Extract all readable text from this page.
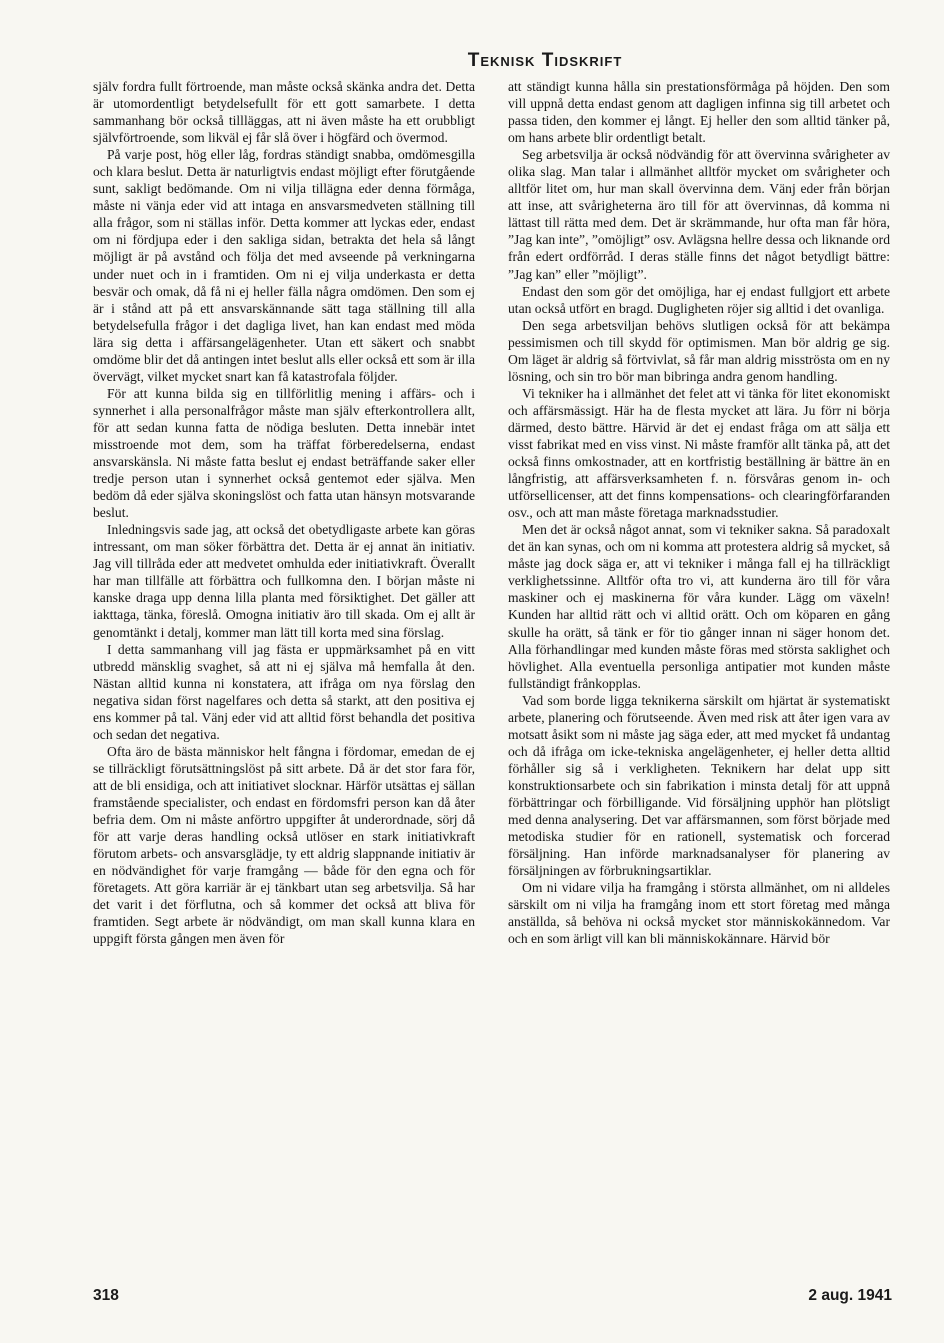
Teknisk Tidskrift

själv fordra fullt förtroende, man måste också skänka andra det. Detta är utomordentligt betydelsefullt för ett gott samarbete. I detta sammanhang bör också tillläggas, att ni även måste ha ett orubbligt självförtroende, som likväl ej får slå över i högfärd och övermod.

På varje post, hög eller låg, fordras ständigt snabba, omdömesgilla och klara beslut. Detta är naturligtvis endast möjligt efter förutgående sunt, sakligt bedömande. Om ni vilja tillägna eder denna förmåga, måste ni vänja eder vid att intaga en ansvarsmedveten ställning till alla frågor, som ni ställas inför. Detta kommer att lyckas eder, endast om ni fördjupa eder i den sakliga sidan, betrakta det hela så långt möjligt är på avstånd och följa det med avseende på verkningarna under nuet och in i framtiden. Om ni ej vilja underkasta er detta besvär och omak, då få ni ej heller fälla några omdömen. Den som ej är i stånd att på ett ansvarskännande sätt taga ställning till alla betydelsefulla frågor i det dagliga livet, han kan endast med möda lära sig detta i affärsangelägenheter. Utan ett säkert och snabbt omdöme blir det då antingen intet beslut alls eller också ett som är illa övervägt, vilket mycket snart kan få katastrofala följder.

För att kunna bilda sig en tillförlitlig mening i affärs- och i synnerhet i alla personalfrågor måste man själv efterkontrollera allt, för att sedan kunna fatta de nödiga besluten. Detta innebär intet misstroende mot dem, som ha träffat förberedelserna, endast ansvarskänsla. Ni måste fatta beslut ej endast beträffande saker eller tredje person utan i synnerhet också gentemot eder själva. Men bedöm då eder själva skoningslöst och fatta utan hänsyn motsvarande beslut.

Inledningsvis sade jag, att också det obetydligaste arbete kan göras intressant, om man söker förbättra det. Detta är ej annat än initiativ. Jag vill tillråda eder att medvetet omhulda eder initiativkraft. Överallt har man tillfälle att förbättra och fullkomna den. I början måste ni kanske draga upp denna lilla planta med försiktighet. Det gäller att iakttaga, tänka, föreslå. Omogna initiativ äro till skada. Om ej allt är genomtänkt i detalj, kommer man lätt till korta med sina förslag.

I detta sammanhang vill jag fästa er uppmärksamhet på en vitt utbredd mänsklig svaghet, så att ni ej själva må hemfalla åt den. Nästan alltid kunna ni konstatera, att ifråga om nya förslag den negativa sidan först nagelfares och detta så starkt, att den positiva ej ens kommer på tal. Vänj eder vid att alltid först behandla det positiva och sedan det negativa.

Ofta äro de bästa människor helt fångna i fördomar, emedan de ej se tillräckligt förutsättningslöst på sitt arbete. Då är det stor fara för, att de bli ensidiga, och att initiativet slocknar. Härför utsättas ej sällan framstående specialister, och endast en fördomsfri person kan då åter befria dem. Om ni måste anförtro uppgifter åt underordnade, sörj då för att varje deras handling också utlöser en stark initiativkraft förutom arbets- och ansvarsglädje, ty ett aldrig slappnande initiativ är en nödvändighet för varje framgång — både för den egna och för företagets. Att göra karriär är ej tänkbart utan seg arbetsvilja. Så har det varit i det förflutna, och så kommer det också att bliva för framtiden. Segt arbete är nödvändigt, om man skall kunna klara en uppgift första gången men även för

att ständigt kunna hålla sin prestationsförmåga på höjden. Den som vill uppnå detta endast genom att dagligen infinna sig till arbetet och passa tiden, den kommer ej långt. Ej heller den som alltid tänker på, om hans arbete blir ordentligt betalt.

Seg arbetsvilja är också nödvändig för att övervinna svårigheter av olika slag. Man talar i allmänhet alltför mycket om svårigheter och alltför litet om, hur man skall övervinna dem. Vänj eder från början att inse, att svårigheterna äro till för att övervinnas, då komma ni lättast till rätta med dem. Det är skrämmande, hur ofta man får höra, ”Jag kan inte”, ”omöjligt” osv. Avlägsna hellre dessa och liknande ord från edert ordförråd. I deras ställe finns det något betydligt bättre: ”Jag kan” eller ”möjligt”.

Endast den som gör det omöjliga, har ej endast fullgjort ett arbete utan också utfört en bragd. Dugligheten röjer sig alltid i det ovanliga.

Den sega arbetsviljan behövs slutligen också för att bekämpa pessimismen och till skydd för optimismen. Man bör aldrig ge sig. Om läget är aldrig så förtvivlat, så får man aldrig misströsta om en ny lösning, och sin tro bör man bibringa andra genom handling.

Vi tekniker ha i allmänhet det felet att vi tänka för litet ekonomiskt och affärsmässigt. Här ha de flesta mycket att lära. Ju förr ni börja därmed, desto bättre. Härvid är det ej endast fråga om att sälja ett visst fabrikat med en viss vinst. Ni måste framför allt tänka på, att det också finns omkostnader, att en kortfristig beställning är bättre än en långfristig, att affärsverksamheten f. n. försvåras genom in- och utförsellicenser, att det finns kompensations- och clearingförfaranden osv., och att man måste företaga marknadsstudier.

Men det är också något annat, som vi tekniker sakna. Så paradoxalt det än kan synas, och om ni komma att protestera aldrig så mycket, så måste jag dock säga er, att vi tekniker i många fall ej ha tillräckligt verklighetssinne. Alltför ofta tro vi, att kunderna äro till för våra maskiner och ej maskinerna för våra kunder. Lägg om växeln! Kunden har alltid rätt och vi alltid orätt. Och om köparen en gång skulle ha orätt, så tänk er för tio gånger innan ni säger honom det. Alla förhandlingar med kunden måste föras med största saklighet och hövlighet. Alla eventuella personliga antipatier mot kunden måste fullständigt frånkopplas.

Vad som borde ligga teknikerna särskilt om hjärtat är systematiskt arbete, planering och förutseende. Även med risk att åter igen vara av motsatt åsikt som ni måste jag säga eder, att med mycket få undantag och då ifråga om icke-tekniska angelägenheter, ej heller detta alltid förhåller sig så i verkligheten. Teknikern har delat upp sitt konstruktionsarbete och sin fabrikation i minsta detalj för att uppnå förbättringar och förbilligande. Vid försäljning upphör han plötsligt med denna analysering. Det var affärsmannen, som först började med metodiska studier för en rationell, systematisk och forcerad försäljning. Han införde marknadsanalyser för planering av försäljningen av förbrukningsartiklar.

Om ni vidare vilja ha framgång i största allmänhet, om ni alldeles särskilt om ni vilja ha framgång inom ett stort företag med många anställda, så behöva ni också mycket stor människokännedom. Var och en som ärligt vill kan bli människokännare. Härvid bör

318	2 aug. 1941
